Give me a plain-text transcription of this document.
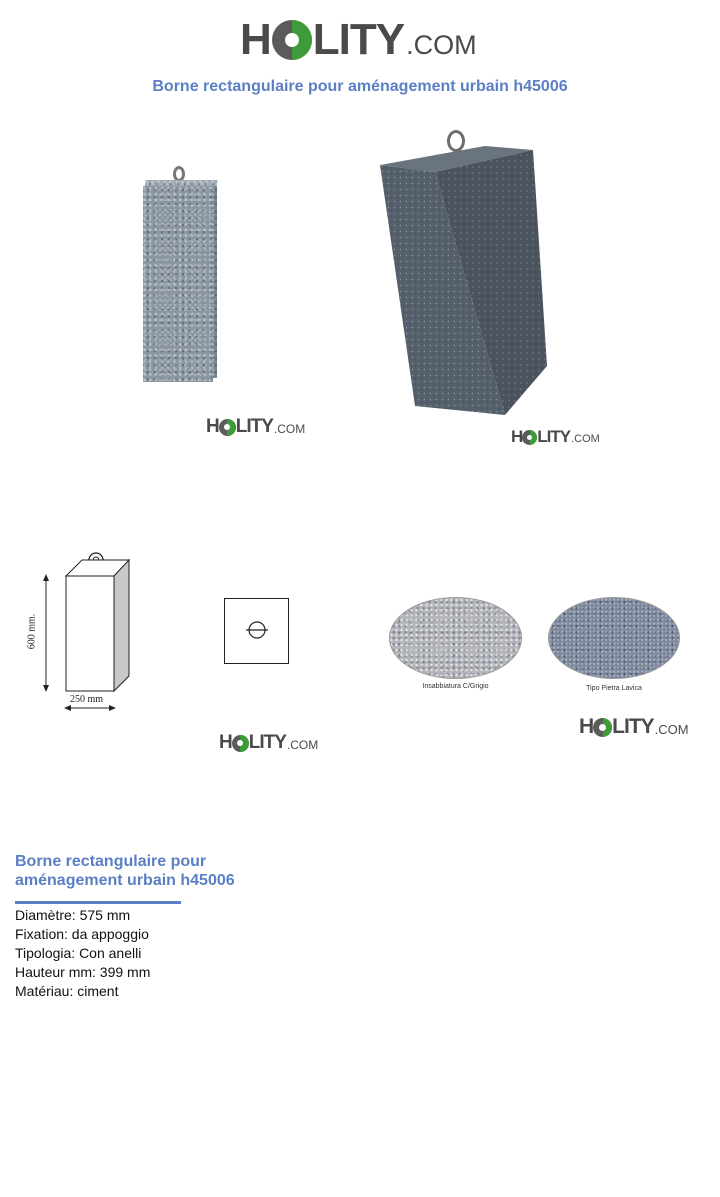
H LITY .COM
Borne rectangulaire pour aménagement urbain h45006
H LITY .COM	H LITY .COM
600 mm.
250 mm
H LITY .COM
Insabbiatura C/Grigio	Tipo Pietra Lavica
H LITY .COM
Borne rectangulaire pour aménagement urbain h45006
Diamètre: 575 mm
Fixation: da appoggio
Tipologia: Con anelli
Hauteur mm: 399 mm
Matériau: ciment
